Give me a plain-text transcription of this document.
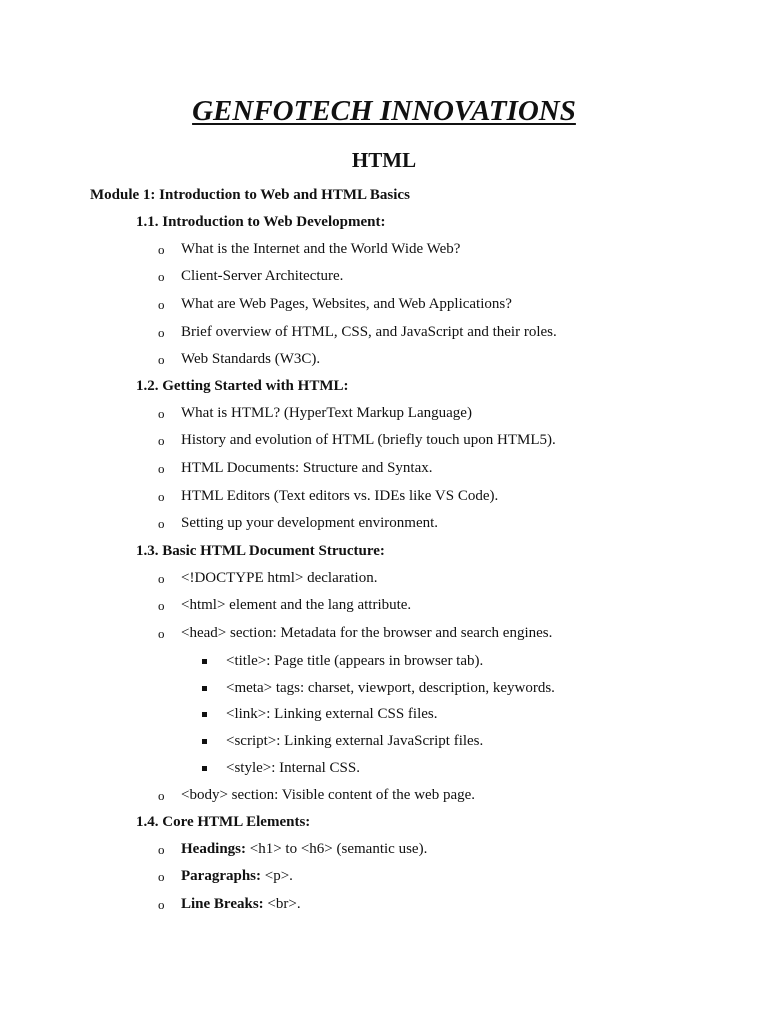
GENFOTECH INNOVATIONS
HTML
Module 1: Introduction to Web and HTML Basics
1.1. Introduction to Web Development:
o What is the Internet and the World Wide Web?
o Client-Server Architecture.
o What are Web Pages, Websites, and Web Applications?
o Brief overview of HTML, CSS, and JavaScript and their roles.
o Web Standards (W3C).
1.2. Getting Started with HTML:
o What is HTML? (HyperText Markup Language)
o History and evolution of HTML (briefly touch upon HTML5).
o HTML Documents: Structure and Syntax.
o HTML Editors (Text editors vs. IDEs like VS Code).
o Setting up your development environment.
1.3. Basic HTML Document Structure:
o <!DOCTYPE html> declaration.
o <html> element and the lang attribute.
o <head> section: Metadata for the browser and search engines.
<title>: Page title (appears in browser tab).
<meta> tags: charset, viewport, description, keywords.
<link>: Linking external CSS files.
<script>: Linking external JavaScript files.
<style>: Internal CSS.
o <body> section: Visible content of the web page.
1.4. Core HTML Elements:
o Headings: <h1> to <h6> (semantic use).
o Paragraphs: <p>.
o Line Breaks: <br>.
